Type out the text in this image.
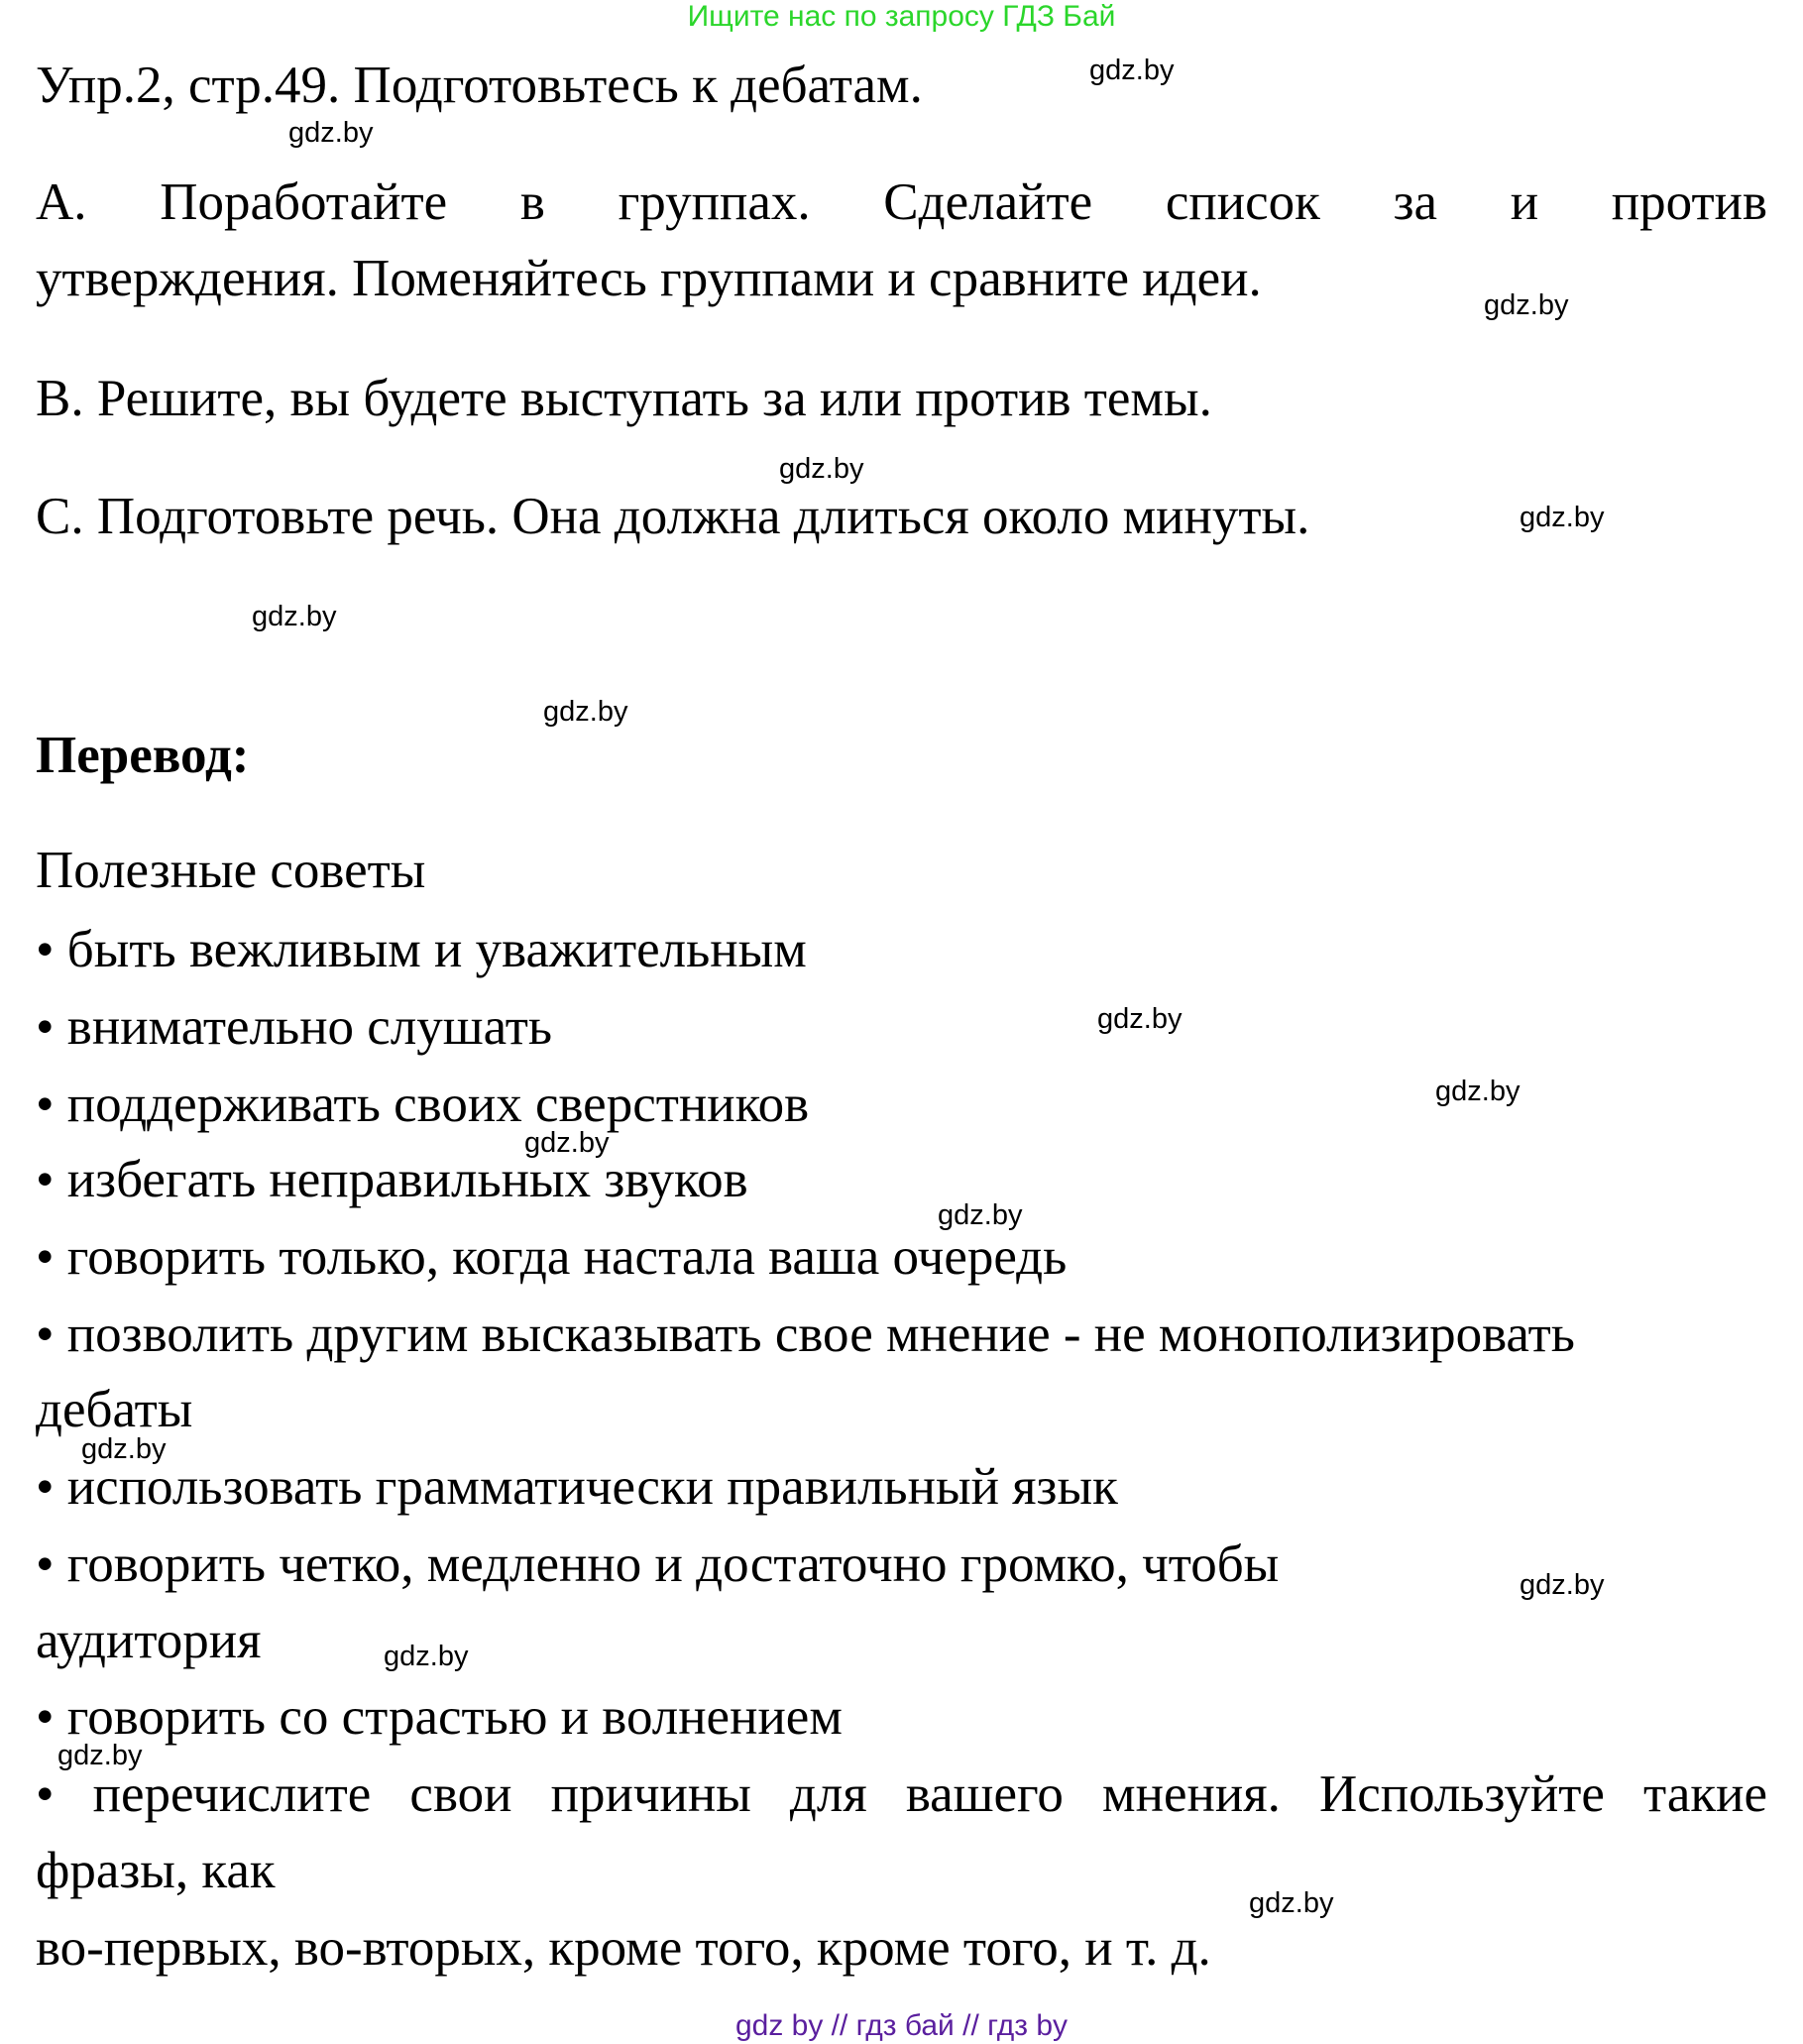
Ищите нас по запросу ГДЗ Бай
Упр.2, стр.49. Подготовьтесь к дебатам.
А. Поработайте в группах. Сделайте список за и против
утверждения. Поменяйтесь группами и сравните идеи.
B. Решите, вы будете выступать за или против темы.
C. Подготовьте речь. Она должна длиться около минуты.
Перевод:
Полезные советы
• быть вежливым и уважительным
• внимательно слушать
• поддерживать своих сверстников
• избегать неправильных звуков
• говорить только, когда настала ваша очередь
• позволить другим высказывать свое мнение - не монополизировать
дебаты
• использовать грамматически правильный язык
• говорить четко, медленно и достаточно громко, чтобы
аудитория
• говорить со страстью и волнением
• перечислите свои причины для вашего мнения. Используйте такие
фразы, как
во-первых, во-вторых, кроме того, кроме того, и т. д.
gdz.by
gdz.by
gdz.by
gdz.by
gdz.by
gdz.by
gdz.by
gdz.by
gdz.by
gdz.by
gdz.by
gdz.by
gdz.by
gdz.by
gdz.by
gdz.by
gdz by // гдз бай // гдз by
